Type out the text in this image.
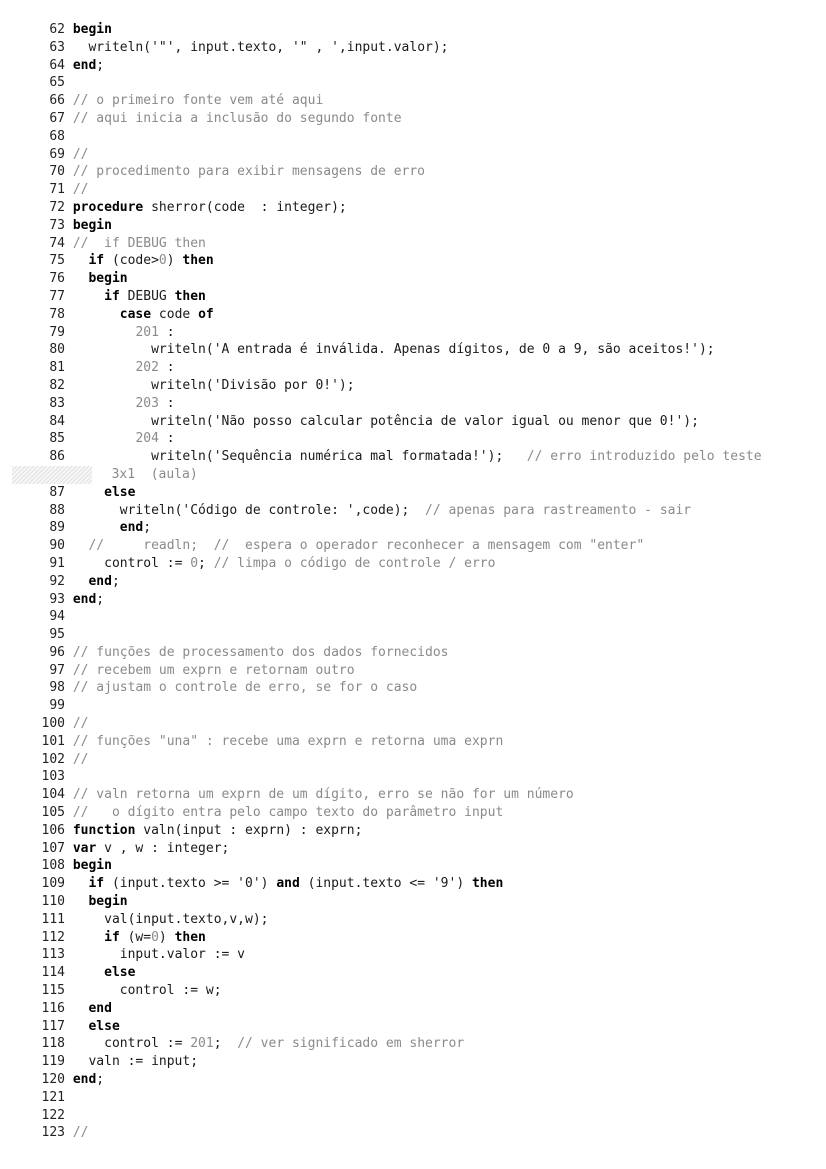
62 begin
63	writeln('"', input.texto, '" , ',input.valor);
64 end;
65
66 // o primeiro fonte vem até aqui
67 // aqui inicia a inclusão do segundo fonte
68
69 //
70 // procedimento para exibir mensagens de erro
71 //
72 procedure sherror(code  : integer);
73 begin
74 //  if DEBUG then
75	if (code>0) then
76	begin
77	if DEBUG then
78	case code of
79	201 :
80	writeln('A entrada é inválida. Apenas dígitos, de 0 a 9, são aceitos!');
81	202 :
82	writeln('Divisão por 0!');
83	203 :
84	writeln('Não posso calcular potência de valor igual ou menor que 0!');
85	204 :
86	writeln('Sequência numérica mal formatada!');   // erro introduzido pelo teste
3x1  (aula)
87	else
88	writeln('Código de controle: ',code);  // apenas para rastreamento - sair
89	end;
90	//     readln;  //  espera o operador reconhecer a mensagem com "enter"
91	control := 0; // limpa o código de controle / erro
92	end;
93 end;
94
95
96 // funções de processamento dos dados fornecidos
97 // recebem um exprn e retornam outro
98 // ajustam o controle de erro, se for o caso
99
100 //
101 // funções "una" : recebe uma exprn e retorna uma exprn
102 //
103
104 // valn retorna um exprn de um dígito, erro se não for um número
105 //   o dígito entra pelo campo texto do parâmetro input
106 function valn(input : exprn) : exprn;
107 var v , w : integer;
108 begin
109	if (input.texto >= '0') and (input.texto <= '9') then
110	begin
111	val(input.texto,v,w);
112	if (w=0) then
113	input.valor := v
114	else
115	control := w;
116	end
117	else
118	control := 201;  // ver significado em sherror
119	valn := input;
120 end;
121
122
123 //
